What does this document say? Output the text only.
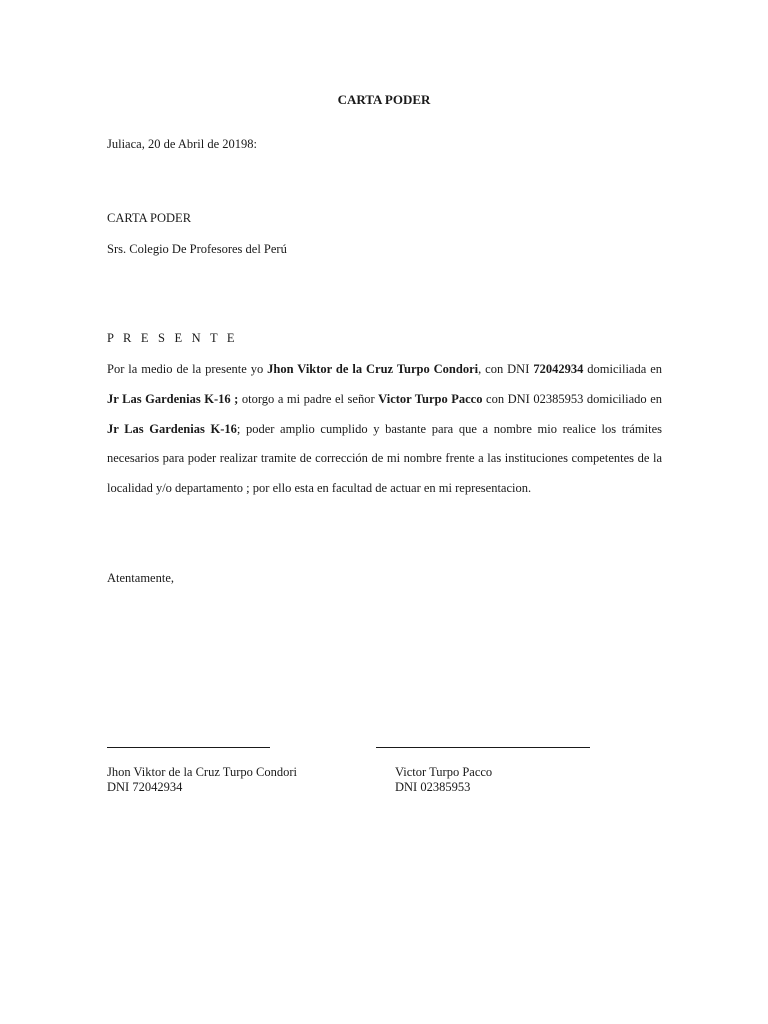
CARTA PODER
Juliaca, 20 de Abril de 20198:
CARTA PODER
Srs. Colegio De Profesores del Perú
P R E S E N T E
Por la medio de la presente yo Jhon Viktor de la Cruz Turpo Condori, con DNI 72042934 domiciliada en Jr Las Gardenias K-16 ; otorgo a mi padre el señor Victor Turpo Pacco con DNI 02385953 domiciliado en Jr Las Gardenias K-16; poder amplio cumplido y bastante para que a nombre mio realice los trámites necesarios para poder realizar tramite de corrección de mi nombre frente a las instituciones competentes de la localidad y/o departamento ; por ello esta en facultad de actuar en mi representacion.
Atentamente,
Jhon Viktor de la Cruz Turpo Condori
DNI 72042934
Victor Turpo Pacco
DNI 02385953
